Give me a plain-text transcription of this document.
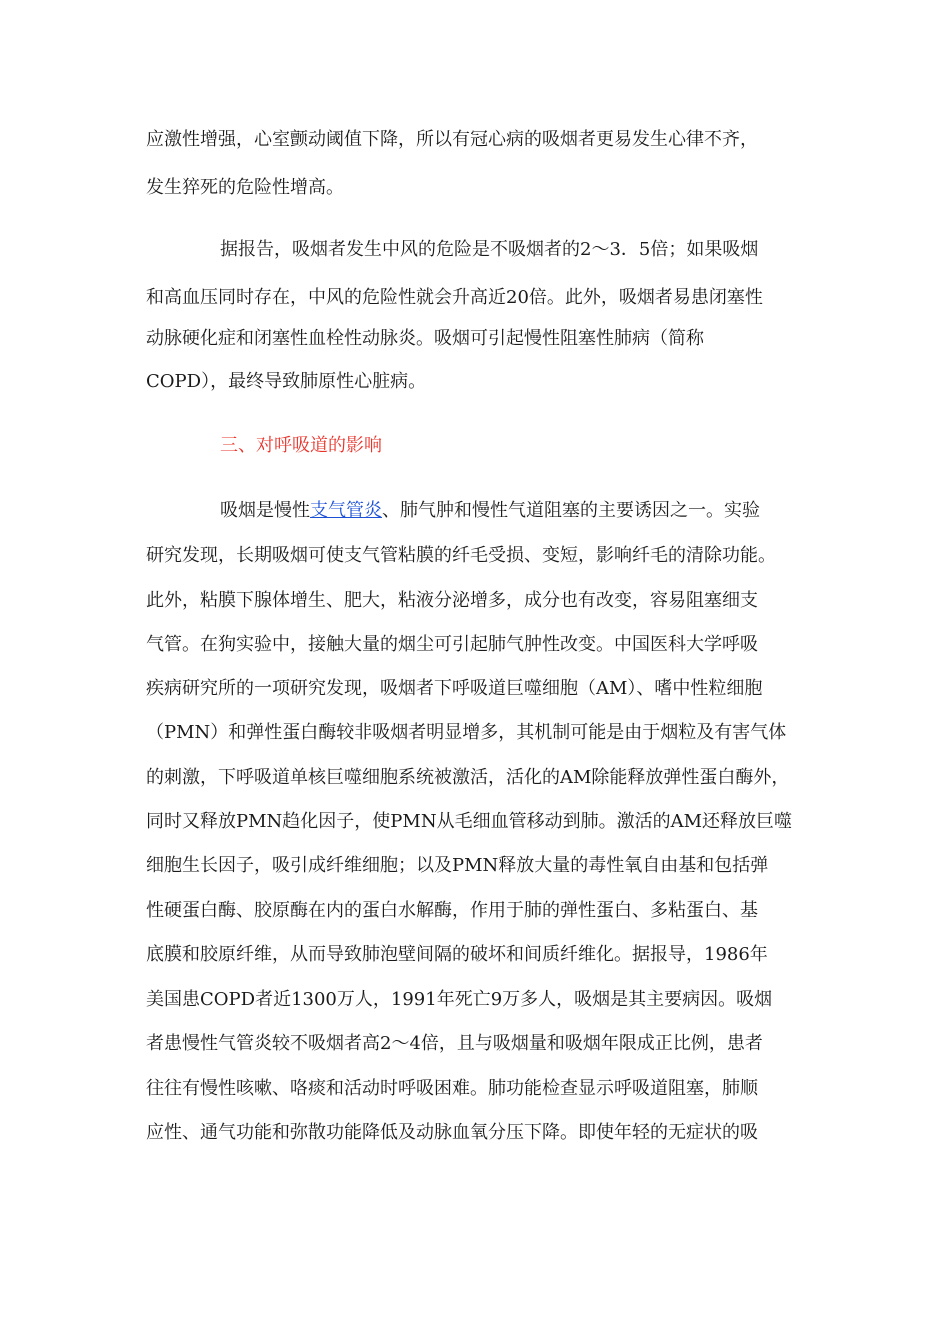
应激性增强，心室颤动阈值下降，所以有冠心病的吸烟者更易发生心律不齐，
发生猝死的危险性增高。
据报告，吸烟者发生中风的危险是不吸烟者的2～3．5倍；如果吸烟
和高血压同时存在，中风的危险性就会升高近20倍。此外，吸烟者易患闭塞性
动脉硬化症和闭塞性血栓性动脉炎。吸烟可引起慢性阻塞性肺病（简称
COPD），最终导致肺原性心脏病。
三、对呼吸道的影响
吸烟是慢性支气管炎、肺气肿和慢性气道阻塞的主要诱因之一。实验
研究发现，长期吸烟可使支气管粘膜的纤毛受损、变短，影响纤毛的清除功能。
此外，粘膜下腺体增生、肥大，粘液分泌增多，成分也有改变，容易阻塞细支
气管。在狗实验中，接触大量的烟尘可引起肺气肿性改变。中国医科大学呼吸
疾病研究所的一项研究发现，吸烟者下呼吸道巨噬细胞（AM）、嗜中性粒细胞
（PMN）和弹性蛋白酶较非吸烟者明显增多，其机制可能是由于烟粒及有害气体
的刺激，下呼吸道单核巨噬细胞系统被激活，活化的AM除能释放弹性蛋白酶外，
同时又释放PMN趋化因子，使PMN从毛细血管移动到肺。激活的AM还释放巨噬
细胞生长因子，吸引成纤维细胞；以及PMN释放大量的毒性氧自由基和包括弹
性硬蛋白酶、胶原酶在内的蛋白水解酶，作用于肺的弹性蛋白、多粘蛋白、基
底膜和胶原纤维，从而导致肺泡壁间隔的破坏和间质纤维化。据报导，1986年
美国患COPD者近1300万人，1991年死亡9万多人，吸烟是其主要病因。吸烟
者患慢性气管炎较不吸烟者高2～4倍，且与吸烟量和吸烟年限成正比例，患者
往往有慢性咳嗽、咯痰和活动时呼吸困难。肺功能检查显示呼吸道阻塞，肺顺
应性、通气功能和弥散功能降低及动脉血氧分压下降。即使年轻的无症状的吸
